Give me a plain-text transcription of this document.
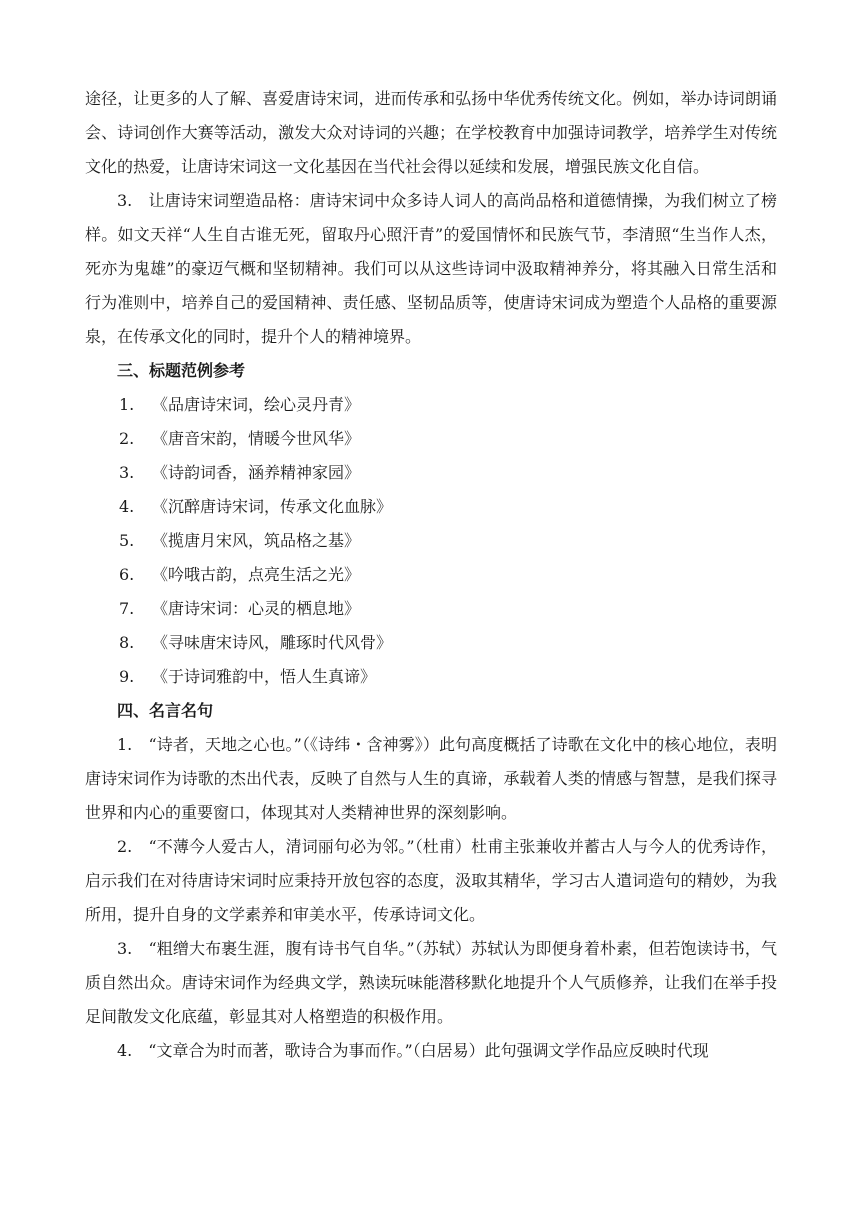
途径，让更多的人了解、喜爱唐诗宋词，进而传承和弘扬中华优秀传统文化。例如，举办诗词朗诵会、诗词创作大赛等活动，激发大众对诗词的兴趣；在学校教育中加强诗词教学，培养学生对传统文化的热爱，让唐诗宋词这一文化基因在当代社会得以延续和发展，增强民族文化自信。

3.　让唐诗宋词塑造品格：唐诗宋词中众多诗人词人的高尚品格和道德情操，为我们树立了榜样。如文天祥“人生自古谁无死，留取丹心照汗青”的爱国情怀和民族气节，李清照“生当作人杰，死亦为鬼雄”的豪迈气概和坚韧精神。我们可以从这些诗词中汲取精神养分，将其融入日常生活和行为准则中，培养自己的爱国精神、责任感、坚韧品质等，使唐诗宋词成为塑造个人品格的重要源泉，在传承文化的同时，提升个人的精神境界。

三、标题范例参考

1. 《品唐诗宋词，绘心灵丹青》

2. 《唐音宋韵，情暖今世风华》

3. 《诗韵词香，涵养精神家园》

4. 《沉醉唐诗宋词，传承文化血脉》

5. 《揽唐月宋风，筑品格之基》

6. 《吟哦古韵，点亮生活之光》

7. 《唐诗宋词：心灵的栖息地》

8. 《寻味唐宋诗风，雕琢时代风骨》

9. 《于诗词雅韵中，悟人生真谛》

四、名言名句

1.　“诗者，天地之心也。”（《诗纬・含神雾》）此句高度概括了诗歌在文化中的核心地位，表明唐诗宋词作为诗歌的杰出代表，反映了自然与人生的真谛，承载着人类的情感与智慧，是我们探寻世界和内心的重要窗口，体现其对人类精神世界的深刻影响。

2.　“不薄今人爱古人，清词丽句必为邻。”（杜甫）杜甫主张兼收并蓄古人与今人的优秀诗作，启示我们在对待唐诗宋词时应秉持开放包容的态度，汲取其精华，学习古人遣词造句的精妙，为我所用，提升自身的文学素养和审美水平，传承诗词文化。

3.　“粗缯大布裹生涯，腹有诗书气自华。”（苏轼）苏轼认为即便身着朴素，但若饱读诗书，气质自然出众。唐诗宋词作为经典文学，熟读玩味能潜移默化地提升个人气质修养，让我们在举手投足间散发文化底蕴，彰显其对人格塑造的积极作用。

4.　“文章合为时而著，歌诗合为事而作。”（白居易）此句强调文学作品应反映时代现
